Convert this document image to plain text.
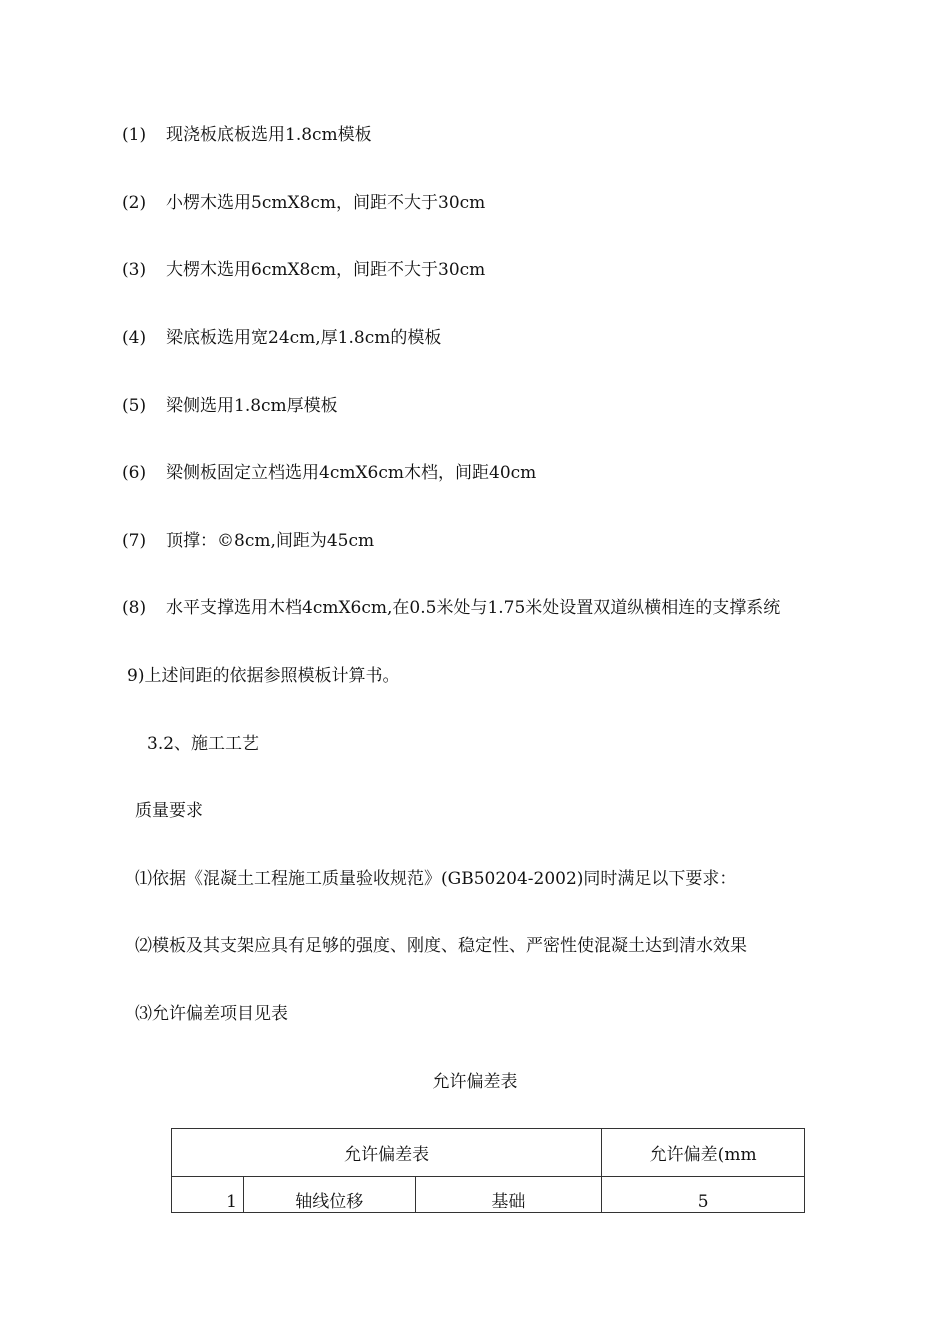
(1) 现浇板底板选用1.8cm模板
(2) 小楞木选用5cmX8cm，间距不大于30cm
(3) 大楞木选用6cmX8cm，间距不大于30cm
(4) 梁底板选用宽24cm,厚1.8cm的模板
(5) 梁侧选用1.8cm厚模板
(6) 梁侧板固定立档选用4cmX6cm木档，间距40cm
(7) 顶撑：©8cm,间距为45cm
(8) 水平支撑选用木档4cmX6cm,在0.5米处与1.75米处设置双道纵横相连的支撑系统
9)上述间距的依据参照模板计算书。
3.2、施工工艺
质量要求
⑴依据《混凝土工程施工质量验收规范》(GB50204-2002)同时满足以下要求：
⑵模板及其支架应具有足够的强度、刚度、稳定性、严密性使混凝土达到清水效果
⑶允许偏差项目见表
允许偏差表
允许偏差表			允许偏差(mm
1	轴线位移	基础	5
